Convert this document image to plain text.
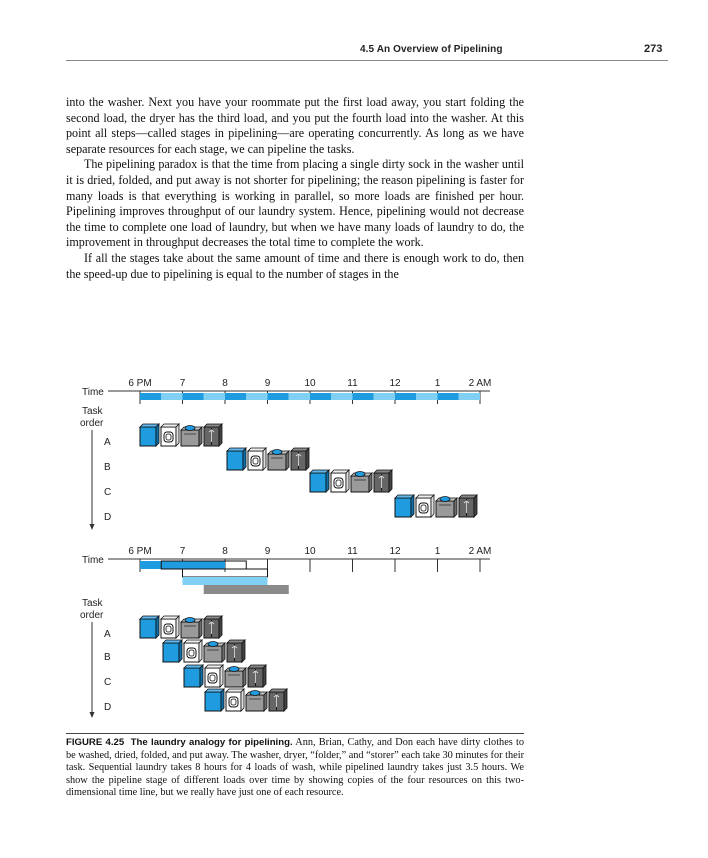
4.5 An Overview of Pipelining	273

into the washer. Next you have your roommate put the first load away, you start folding the second load, the dryer has the third load, and you put the fourth load into the washer. At this point all steps—called stages in pipelining—are operating concurrently. As long as we have separate resources for each stage, we can pipeline the tasks.

The pipelining paradox is that the time from placing a single dirty sock in the washer until it is dried, folded, and put away is not shorter for pipelining; the reason pipelining is faster for many loads is that everything is working in parallel, so more loads are finished per hour. Pipelining improves throughput of our laundry system. Hence, pipelining would not decrease the time to complete one load of laundry, but when we have many loads of laundry to do, the improvement in throughput decreases the total time to complete the work.

If all the stages take about the same amount of time and there is enough work to do, then the speed-up due to pipelining is equal to the number of stages in the

Time
6 PM	7	8	9	10	11	12	1	2 AM
Task
order
A
B
C
D
Time
6 PM	7	8	9	10	11	12	1	2 AM
Task
order
A
B
C
D
FIGURE 4.25 The laundry analogy for pipelining. Ann, Brian, Cathy, and Don each have dirty clothes to be washed, dried, folded, and put away. The washer, dryer, “folder,” and “storer” each take 30 minutes for their task. Sequential laundry takes 8 hours for 4 loads of wash, while pipelined laundry takes just 3.5 hours. We show the pipeline stage of different loads over time by showing copies of the four resources on this two-dimensional time line, but we really have just one of each resource.
